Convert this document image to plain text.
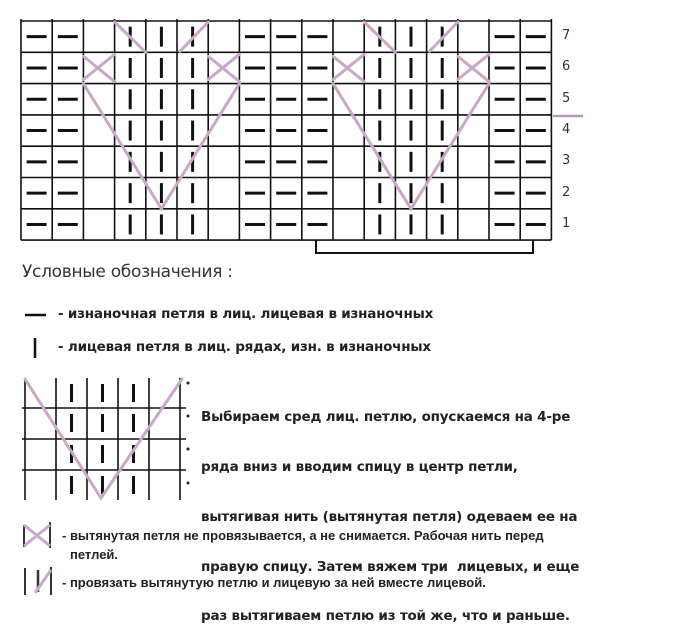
1
2
3
4
5
6
7
Условные обозначения :
- изнаночная петля в лиц. лицевая в изнаночных
- лицевая петля в лиц. рядах, изн. в изнаночных

Выбираем сред лиц. петлю, опускаемся на 4-ре

ряда вниз и вводим спицу в центр петли,

вытягивая нить (вытянутая петля) одеваем ее на

правую спицу. Затем вяжем три  лицевых, и еще

раз вытягиваем петлю из той же, что и раньше.

- вытянутая петля не провязывается, а не снимается. Рабочая нить перед
петлей.
- провязать вытянутую петлю и лицевую за ней вместе лицевой.
